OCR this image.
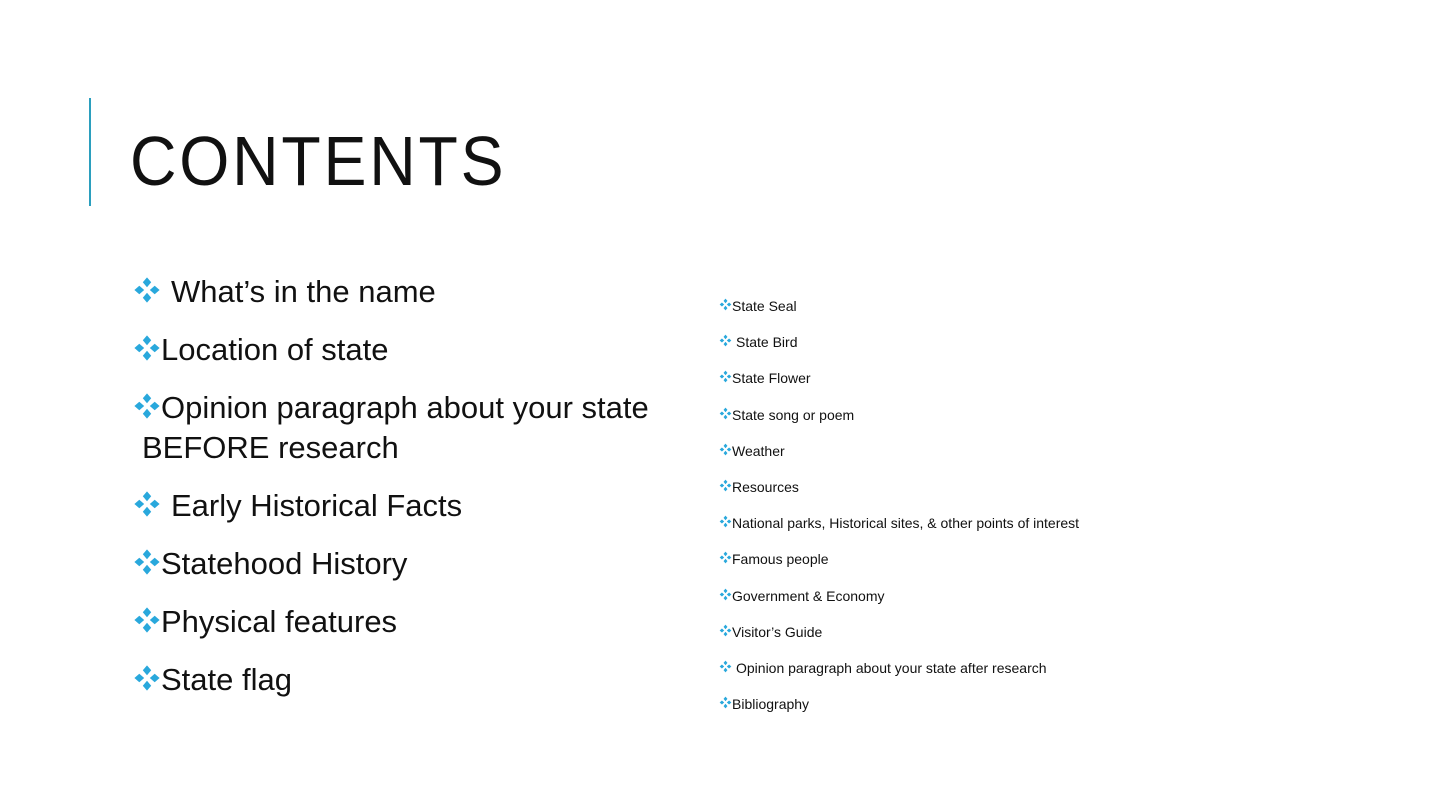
CONTENTS
What’s in the name
Location of state
Opinion paragraph about your state
BEFORE research
Early Historical Facts
Statehood History
Physical features
State flag
State Seal
State Bird
State Flower
State song or poem
Weather
Resources
National parks, Historical sites, & other points of interest
Famous people
Government & Economy
Visitor’s Guide
Opinion paragraph about your state after research
Bibliography
